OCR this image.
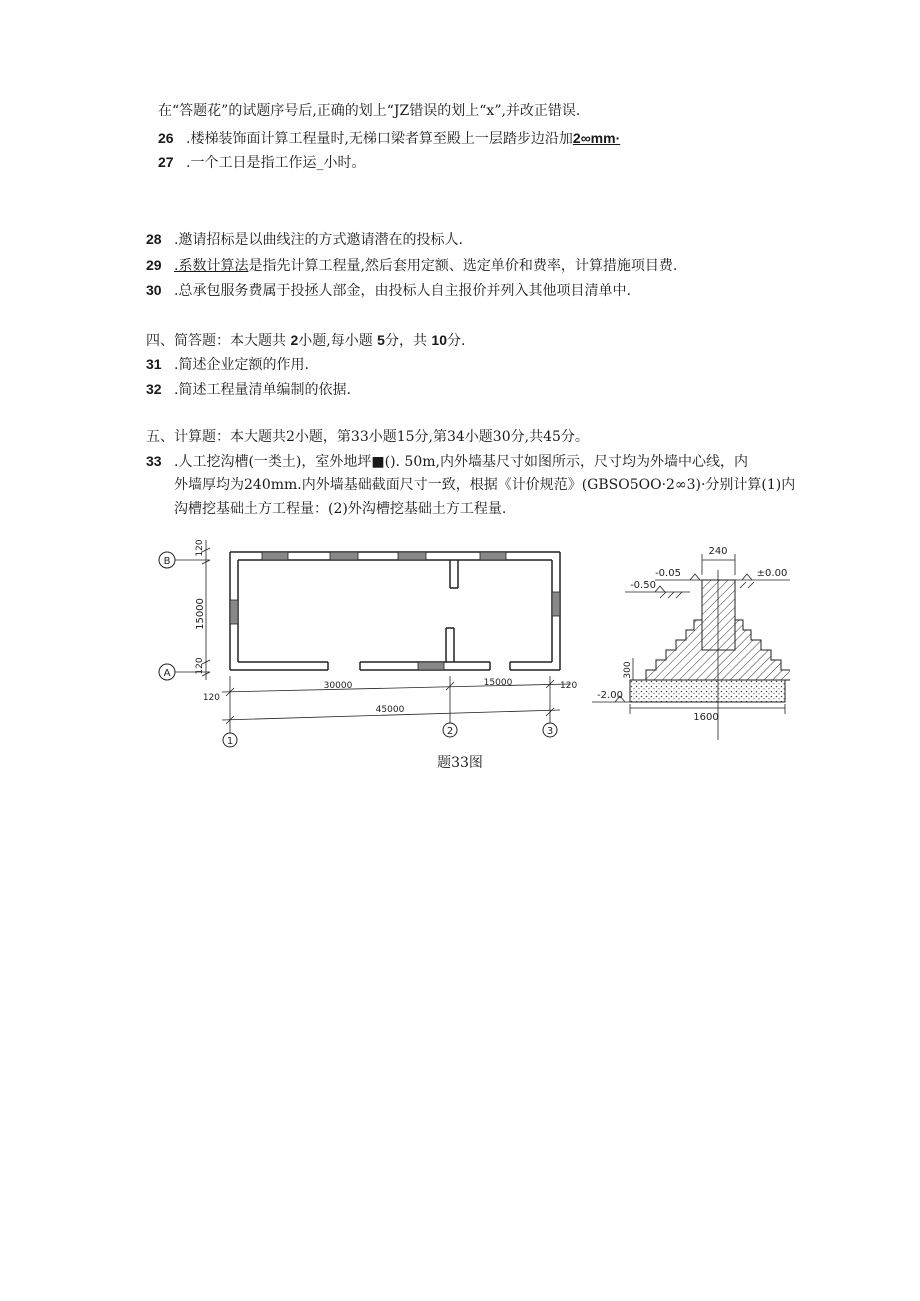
在“答题花”的试题序号后,正确的划上“JZ错误的划上“x”,并改正错误.
26 .楼梯装饰面计算工程量时,无梯口梁者算至殿上一层踏步边沿加2∞mm·
27 .一个工日是指工作运_小时。
28 .邀请招标是以曲线注的方式邀请潜在的投标人.
29 .系数计算法是指先计算工程量,然后套用定额、选定单价和费率，计算措施项目费.
30 .总承包服务费属于投拯人部金，由投标人自主报价并列入其他项目清单中.
四、简答题：本大题共 2小题,每小题 5分，共 10分.
31 .简述企业定额的作用.
32 .简述工程量清单编制的依据.
五、计算题：本大题共2小题，第33小题15分,第34小题30分,共45分。
33 .人工挖沟槽(一类土)，室外地坪■(). 50m,内外墙基尺寸如图所示，尺寸均为外墙中心线，内
外墙厚均为240mm.内外墙基础截面尺寸一致，根据《计价规范》(GBSO5OO·2∞3)·分别计算(1)内
沟槽挖基础土方工程量：(2)外沟槽挖基础土方工程量.
B
A
1
2	3
120
15000
120
120
30000	15000	120
45000
240
-0.05	±0.00
-0.50
300
-2.00
1600
题33图
